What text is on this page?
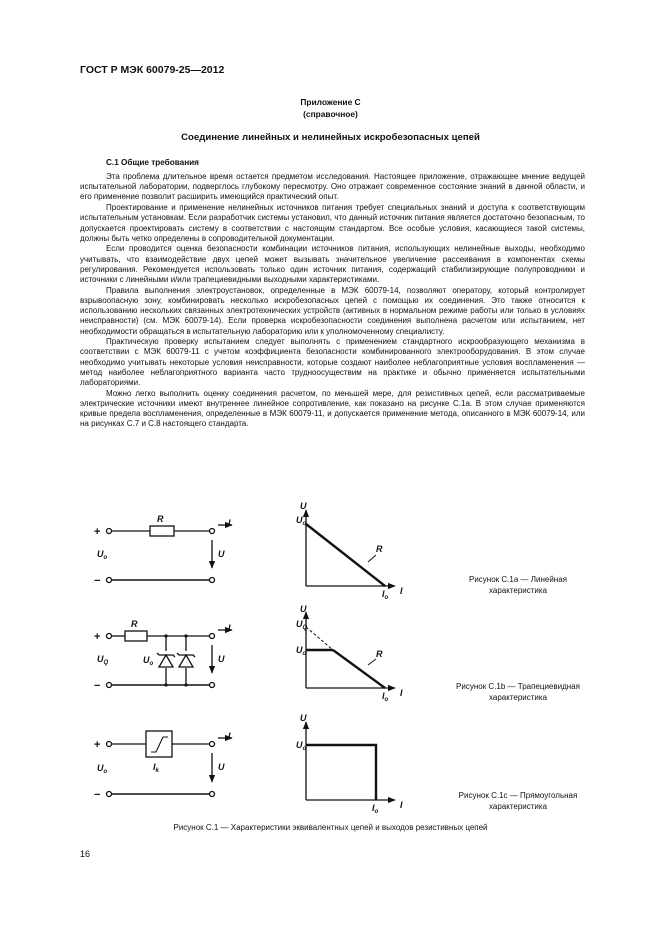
ГОСТ Р МЭК 60079-25—2012
Приложение С
(справочное)
Соединение линейных и нелинейных искробезопасных цепей
С.1 Общие требования

Эта проблема длительное время остается предметом исследования. Настоящее приложение, отражающее мнение ведущей испытательной лаборатории, подверглось глубокому пересмотру. Оно отражает современное состояние знаний в данной области, и его применение позволит расширить имеющийся практический опыт.

Проектирование и применение нелинейных источников питания требует специальных знаний и доступа к соответствующим испытательным установкам. Если разработчик системы установил, что данный источник питания является достаточно безопасным, то допускается проектировать систему в соответствии с настоящим стандартом. Все особые условия, касающиеся такой системы, должны быть четко определены в сопроводительной документации.

Если проводится оценка безопасности комбинации источников питания, использующих нелинейные выходы, необходимо учитывать, что взаимодействие двух цепей может вызывать значительное увеличение рассеивания в компонентах схемы регулирования. Рекомендуется использовать только один источник питания, содержащий стабилизирующие полупроводники и источники с линейными и/или трапециевидными выходными характеристиками.

Правила выполнения электроустановок, определенные в МЭК 60079-14, позволяют оператору, который контролирует взрывоопасную зону, комбинировать несколько искробезопасных цепей с помощью их соединения. Это также относится к использованию нескольких связанных электротехнических устройств (активных в нормальном режиме работы или только в условиях неисправности) (см. МЭК 60079-14). Если проверка искробезопасности соединения выполнена расчетом или испытанием, нет необходимости обращаться в испытательную лабораторию или к уполномоченному специалисту.

Практическую проверку испытанием следует выполнять с применением стандартного искрообразующего механизма в соответствии с МЭК 60079-11 с учетом коэффициента безопасности комбинированного электрооборудования. В этом случае необходимо учитывать некоторые условия неисправности, которые создают наиболее неблагоприятные условия воспламенения — метод наиболее неблагоприятного варианта часто трудноосуществим на практике и обычно применяется испытательными лабораториями.

Можно легко выполнить оценку соединения расчетом, по меньшей мере, для резистивных цепей, если рассматриваемые электрические источники имеют внутреннее линейное сопротивление, как показано на рисунке С.1а. В этом случае применяются кривые предела воспламенения, определенные в МЭК 60079-11, и допускается применение метода, описанного в МЭК 60079-14, или на рисунках С.7 и С.8 настоящего стандарта.

+
−
R	I
U
$U_o$
R
U
$U_o$
$I_o$
I
+
−
R
$U_o$
I
U
$U_Q$
R
U
$U_Q$
$U_o$
$I_o$
I
+
−
$I_k$
I
U
$U_o$
U
$U_o$
$I_o$
I
Рисунок С.1а — Линейная
характеристика
Рисунок С.1b — Трапециевидная
характеристика
Рисунок С.1с — Прямоугольная
характеристика
Рисунок С.1 — Характеристики эквивалентных цепей и выходов резистивных цепей
16
